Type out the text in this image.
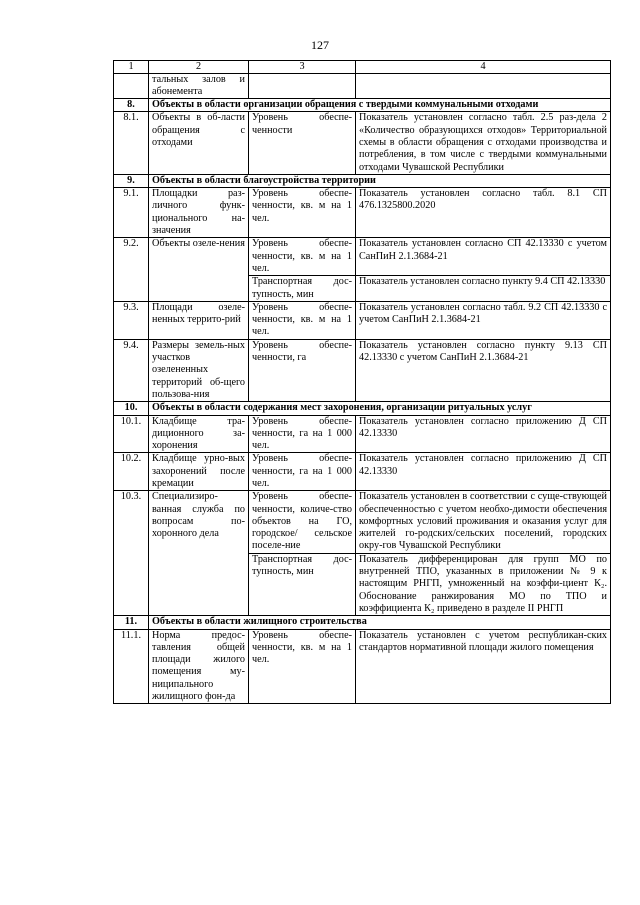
127
1	2	3	4
	тальных залов и абонемента		
8.	Объекты в области организации обращения с твердыми коммунальными отходами		
8.1.	Объекты в об-ласти обращения с отходами	Уровень обеспе-ченности	Показатель установлен согласно табл. 2.5 раз-дела 2 «Количество образующихся отходов» Территориальной схемы в области обращения с отходами производства и потребления, в том числе с твердыми коммунальными отходами Чувашской Республики
9.	Объекты в области благоустройства территории		
9.1.	Площадки раз-личного функ-ционального на-значения	Уровень обеспе-ченности, кв. м на 1 чел.	Показатель установлен согласно табл. 8.1 СП 476.1325800.2020
9.2.	Объекты озеле-нения	Уровень обеспе-ченности, кв. м на 1 чел.	Показатель установлен согласно СП 42.13330 с учетом СанПиН 2.1.3684-21
		Транспортная дос-тупность, мин	Показатель установлен согласно пункту 9.4 СП 42.13330
9.3.	Площади озеле-ненных террито-рий	Уровень обеспе-ченности, кв. м на 1 чел.	Показатель установлен согласно табл. 9.2 СП 42.13330 с учетом СанПиН 2.1.3684-21
9.4.	Размеры земель-ных участков озелененных территорий об-щего пользова-ния	Уровень обеспе-ченности, га	Показатель установлен согласно пункту 9.13 СП 42.13330 с учетом СанПиН 2.1.3684-21
10.	Объекты в области содержания мест захоронения, организации ритуальных услуг		
10.1.	Кладбище тра-диционного за-хоронения	Уровень обеспе-ченности, га на 1 000 чел.	Показатель установлен согласно приложению Д СП 42.13330
10.2.	Кладбище урно-вых захоронений после кремации	Уровень обеспе-ченности, га на 1 000 чел.	Показатель установлен согласно приложению Д СП 42.13330
10.3.	Специализиро-ванная служба по вопросам по-хоронного дела	Уровень обеспе-ченности, количе-ство объектов на ГО, городское/ сельское поселе-ние	Показатель установлен в соответствии с суще-ствующей обеспеченностью с учетом необхо-димости обеспечения комфортных условий проживания и оказания услуг для жителей го-родских/сельских поселений, городских окру-гов Чувашской Республики
		Транспортная дос-тупность, мин	Показатель дифференцирован для групп МО по внутренней ТПО, указанных в приложении № 9 к настоящим РНГП, умноженный на коэффи-циент К₂. Обоснование ранжирования МО по ТПО и коэффициента К₂ приведено в разделе II РНГП
11.	Объекты в области жилищного строительства		
11.1.	Норма предос-тавления общей площади жилого помещения му-ниципального жилищного фон-да	Уровень обеспе-ченности, кв. м на 1 чел.	Показатель установлен с учетом республикан-ских стандартов нормативной площади жилого помещения
